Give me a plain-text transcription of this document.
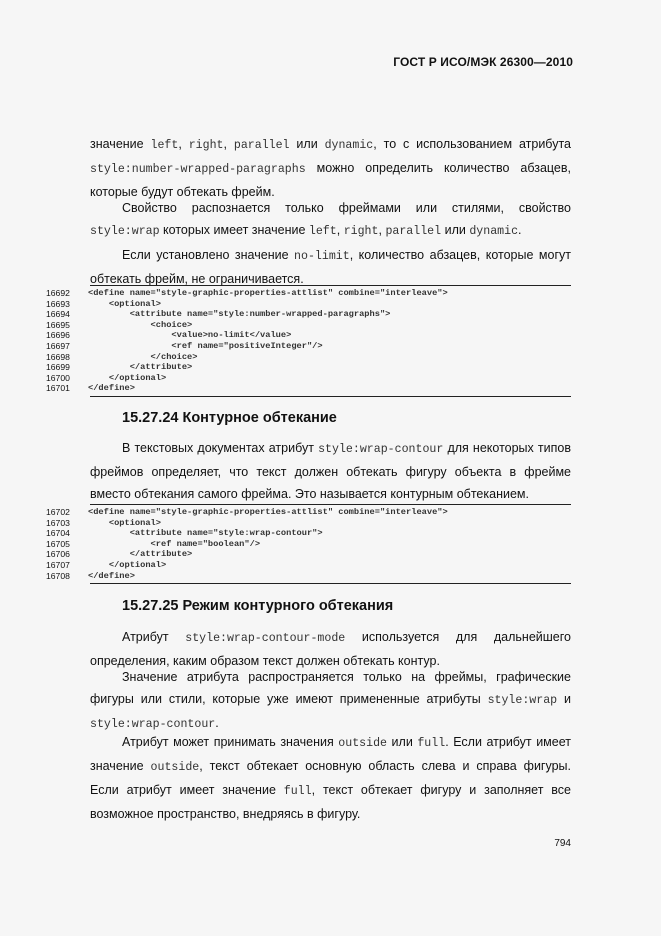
ГОСТ Р ИСО/МЭК 26300—2010
значение left, right, parallel или dynamic, то с использованием атрибута style:number-wrapped-paragraphs можно определить количество абзацев, которые будут обтекать фрейм.
Свойство распознается только фреймами или стилями, свойство style:wrap которых имеет значение left, right, parallel или dynamic.
Если установлено значение no-limit, количество абзацев, которые могут обтекать фрейм, не ограничивается.
16692	<define name="style-graphic-properties-attlist" combine="interleave">
16693	<optional>
16694	<attribute name="style:number-wrapped-paragraphs">
16695	<choice>
16696	<value>no-limit</value>
16697	<ref name="positiveInteger"/>
16698	</choice>
16699	</attribute>
16700	</optional>
16701	</define>
15.27.24 Контурное обтекание
В текстовых документах атрибут style:wrap-contour для некоторых типов фреймов определяет, что текст должен обтекать фигуру объекта в фрейме вместо обтекания самого фрейма. Это называется контурным обтеканием.
16702	<define name="style-graphic-properties-attlist" combine="interleave">
16703	<optional>
16704	<attribute name="style:wrap-contour">
16705	<ref name="boolean"/>
16706	</attribute>
16707	</optional>
16708	</define>
15.27.25 Режим контурного обтекания
Атрибут style:wrap-contour-mode используется для дальнейшего определения, каким образом текст должен обтекать контур.
Значение атрибута распространяется только на фреймы, графические фигуры или стили, которые уже имеют примененные атрибуты style:wrap и style:wrap-contour.
Атрибут может принимать значения outside или full. Если атрибут имеет значение outside, текст обтекает основную область слева и справа фигуры. Если атрибут имеет значение full, текст обтекает фигуру и заполняет все возможное пространство, внедряясь в фигуру.
794
